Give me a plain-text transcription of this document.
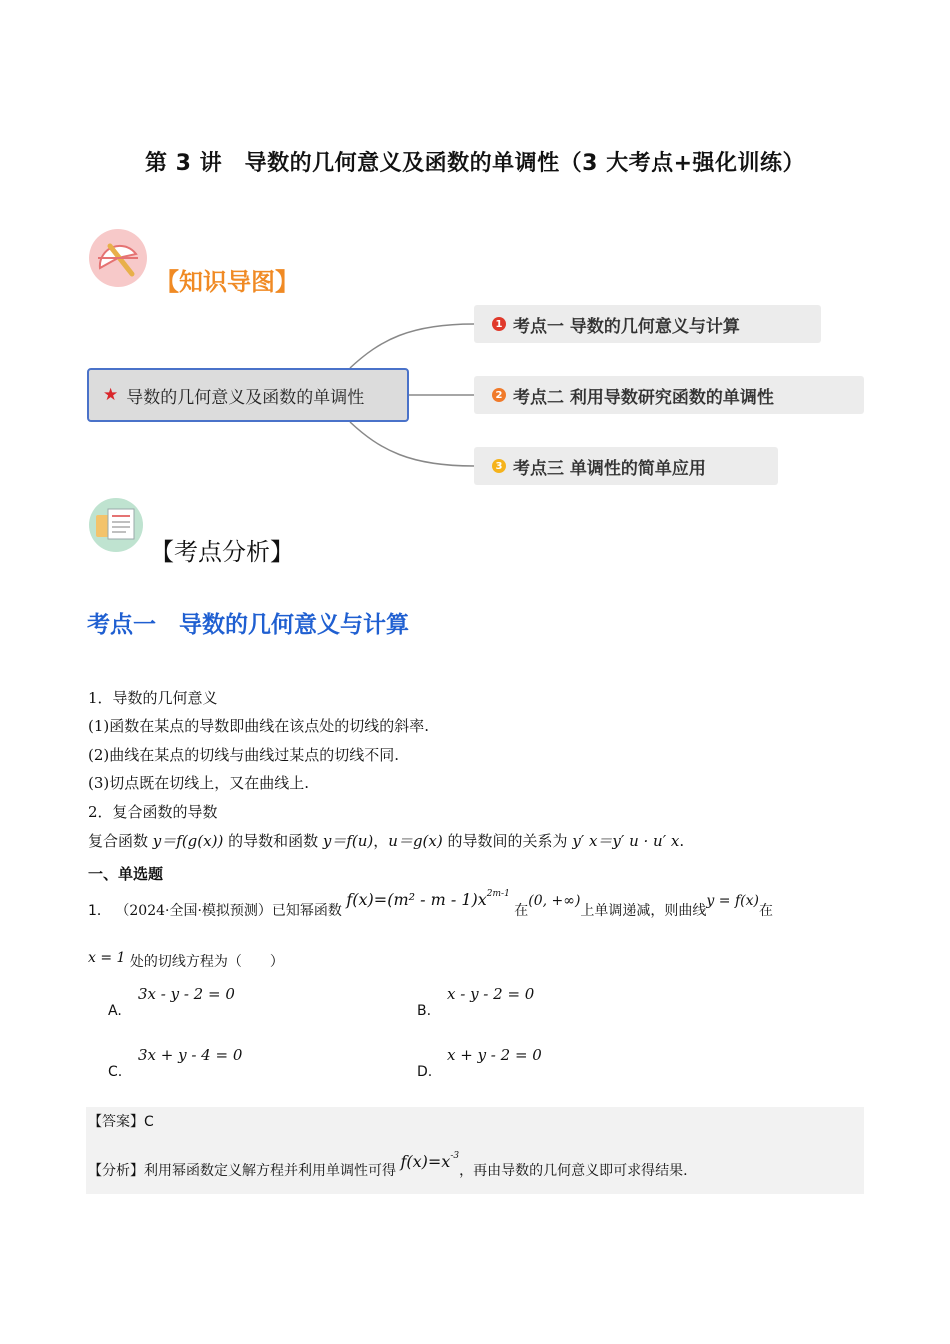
第 3 讲　导数的几何意义及函数的单调性（3 大考点+强化训练）
【知识导图】
★ 导数的几何意义及函数的单调性
1 考点一 导数的几何意义与计算
2 考点二 利用导数研究函数的单调性
3 考点三 单调性的简单应用
【考点分析】
考点一　导数的几何意义与计算
1．导数的几何意义
(1)函数在某点的导数即曲线在该点处的切线的斜率.
(2)曲线在某点的切线与曲线过某点的切线不同.
(3)切点既在切线上，又在曲线上.
2．复合函数的导数
复合函数 y＝f(g(x)) 的导数和函数 y＝f(u)，u＝g(x) 的导数间的关系为 y′ x＝y′ u · u′ x.
一、单选题
1． （2024·全国·模拟预测）已知幂函数 $f(x)=(m^2 - m - 1)x^{2m-1}$ 在(0, +∞)上单调递减，则曲线y = f(x)在
x = 1 处的切线方程为（　　）
3x - y - 2 = 0
A.
x - y - 2 = 0
B.
3x + y - 4 = 0
C.
x + y - 2 = 0
D.
【答案】C
【分析】利用幂函数定义解方程并利用单调性可得 $f(x)=x^{-3}$，再由导数的几何意义即可求得结果.
